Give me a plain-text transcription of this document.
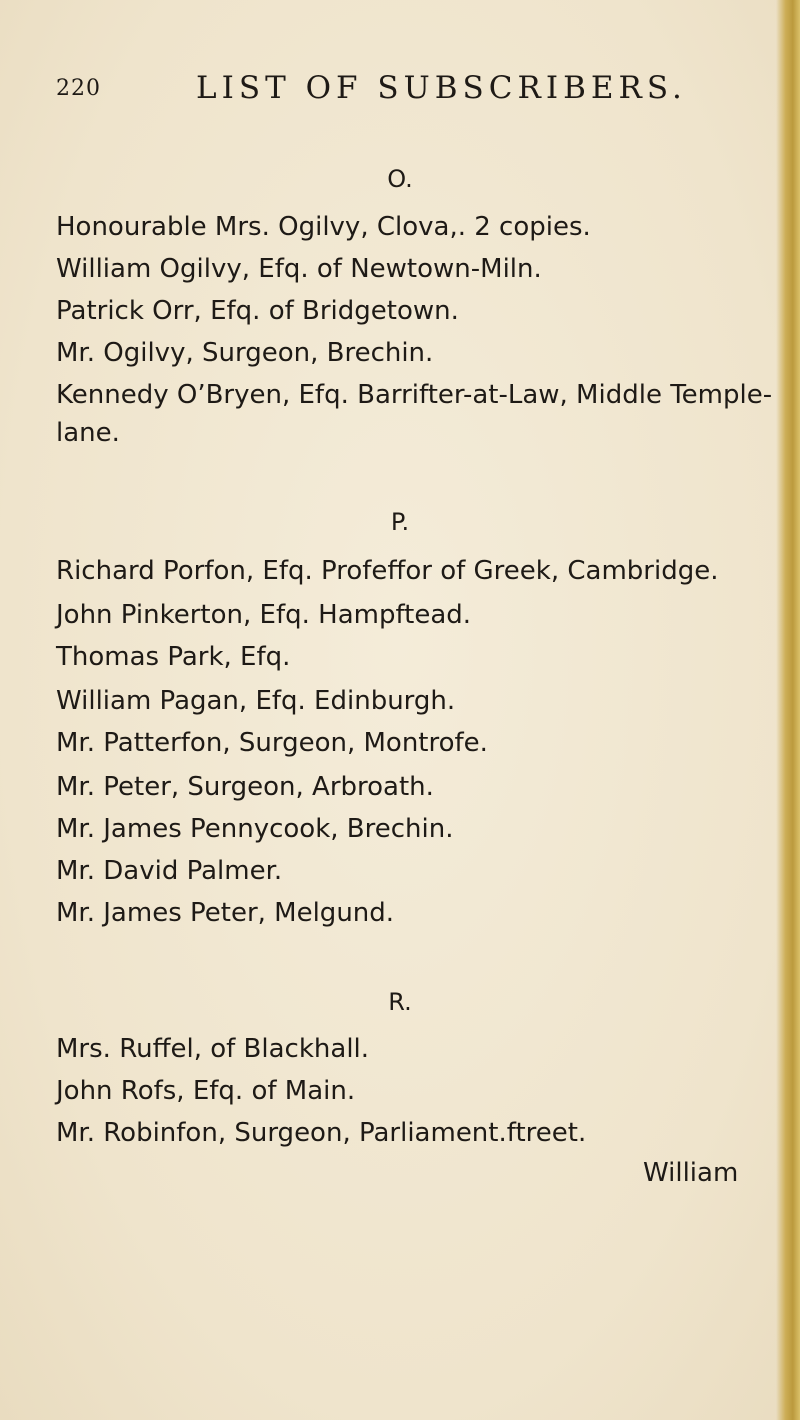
220	LIST OF SUBSCRIBERS.
O.
Honourable Mrs. Ogilvy, Clova,. 2 copies.
William Ogilvy, Efq. of Newtown-Miln.
Patrick Orr, Efq. of Bridgetown.
Mr. Ogilvy, Surgeon, Brechin.
Kennedy O’Bryen, Efq. Barrifter-at-Law, Middle Temple-
lane.
P.
Richard Porfon, Efq. Profeffor of Greek, Cambridge.
John Pinkerton, Efq. Hampftead.
Thomas Park, Efq.
William Pagan, Efq. Edinburgh.
Mr. Patterfon, Surgeon, Montrofe.
Mr. Peter, Surgeon, Arbroath.
Mr. James Pennycook, Brechin.
Mr. David Palmer.
Mr. James Peter, Melgund.
R.
Mrs. Ruffel, of Blackhall.
John Rofs, Efq. of Main.
Mr. Robinfon, Surgeon, Parliament.ftreet.
William
